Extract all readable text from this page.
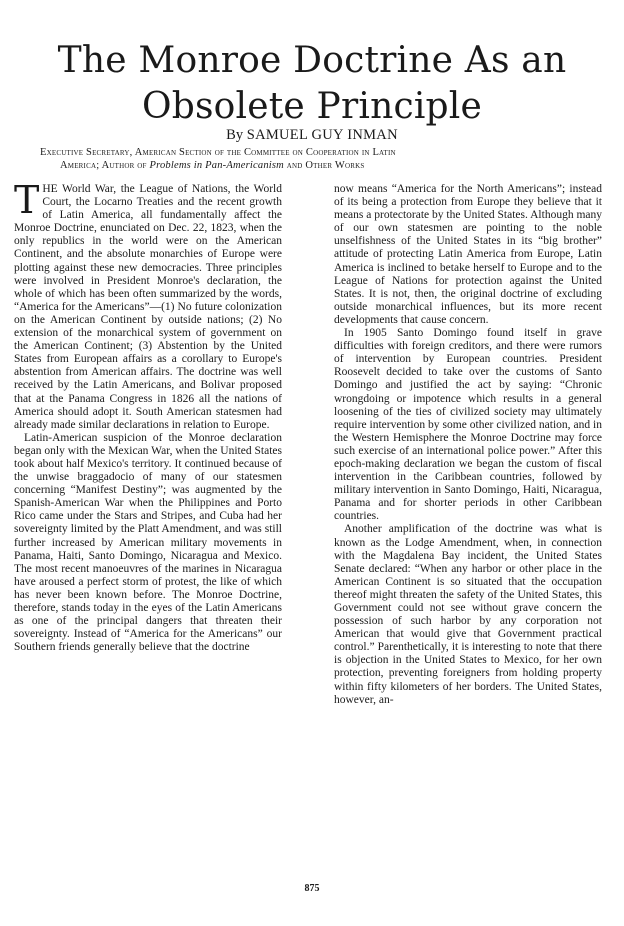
The Monroe Doctrine As an
Obsolete Principle
By SAMUEL GUY INMAN
Executive Secretary, American Section of the Committee on Cooperation in Latin
America; Author of Problems in Pan-Americanism and Other Works

THE World War, the League of Nations, the World Court, the Locarno Treaties and the recent growth of Latin America, all fundamentally affect the Monroe Doctrine, enunciated on Dec. 22, 1823, when the only republics in the world were on the American Continent, and the absolute monarchies of Europe were plotting against these new democracies. Three principles were involved in President Monroe's declaration, the whole of which has been often summarized by the words, “America for the Americans”—(1) No future colonization on the American Continent by outside nations; (2) No extension of the monarchical system of government on the American Continent; (3) Abstention by the United States from European affairs as a corollary to Europe's abstention from American affairs. The doctrine was well received by the Latin Americans, and Bolivar proposed that at the Panama Congress in 1826 all the nations of America should adopt it. South American statesmen had already made similar declarations in relation to Europe.

Latin-American suspicion of the Monroe declaration began only with the Mexican War, when the United States took about half Mexico's territory. It continued because of the unwise braggadocio of many of our statesmen concerning “Manifest Destiny”; was augmented by the Spanish-American War when the Philippines and Porto Rico came under the Stars and Stripes, and Cuba had her sovereignty limited by the Platt Amendment, and was still further increased by American military movements in Panama, Haiti, Santo Domingo, Nicaragua and Mexico. The most recent manoeuvres of the marines in Nicaragua have aroused a perfect storm of protest, the like of which has never been known before. The Monroe Doctrine, therefore, stands today in the eyes of the Latin Americans as one of the principal dangers that threaten their sovereignty. Instead of “America for the Americans” our Southern friends generally believe that the doctrine

now means “America for the North Americans”; instead of its being a protection from Europe they believe that it means a protectorate by the United States. Although many of our own statesmen are pointing to the noble unselfishness of the United States in its “big brother” attitude of protecting Latin America from Europe, Latin America is inclined to betake herself to Europe and to the League of Nations for protection against the United States. It is not, then, the original doctrine of excluding outside monarchical influences, but its more recent developments that cause concern.

In 1905 Santo Domingo found itself in grave difficulties with foreign creditors, and there were rumors of intervention by European countries. President Roosevelt decided to take over the customs of Santo Domingo and justified the act by saying: “Chronic wrongdoing or impotence which results in a general loosening of the ties of civilized society may ultimately require intervention by some other civilized nation, and in the Western Hemisphere the Monroe Doctrine may force such exercise of an international police power.” After this epoch-making declaration we began the custom of fiscal intervention in the Caribbean countries, followed by military intervention in Santo Domingo, Haiti, Nicaragua, Panama and for shorter periods in other Caribbean countries.

Another amplification of the doctrine was what is known as the Lodge Amendment, when, in connection with the Magdalena Bay incident, the United States Senate declared: “When any harbor or other place in the American Continent is so situated that the occupation thereof might threaten the safety of the United States, this Government could not see without grave concern the possession of such harbor by any corporation not American that would give that Government practical control.” Parenthetically, it is interesting to note that there is objection in the United States to Mexico, for her own protection, preventing foreigners from holding property within fifty kilometers of her borders. The United States, however, an-

875
